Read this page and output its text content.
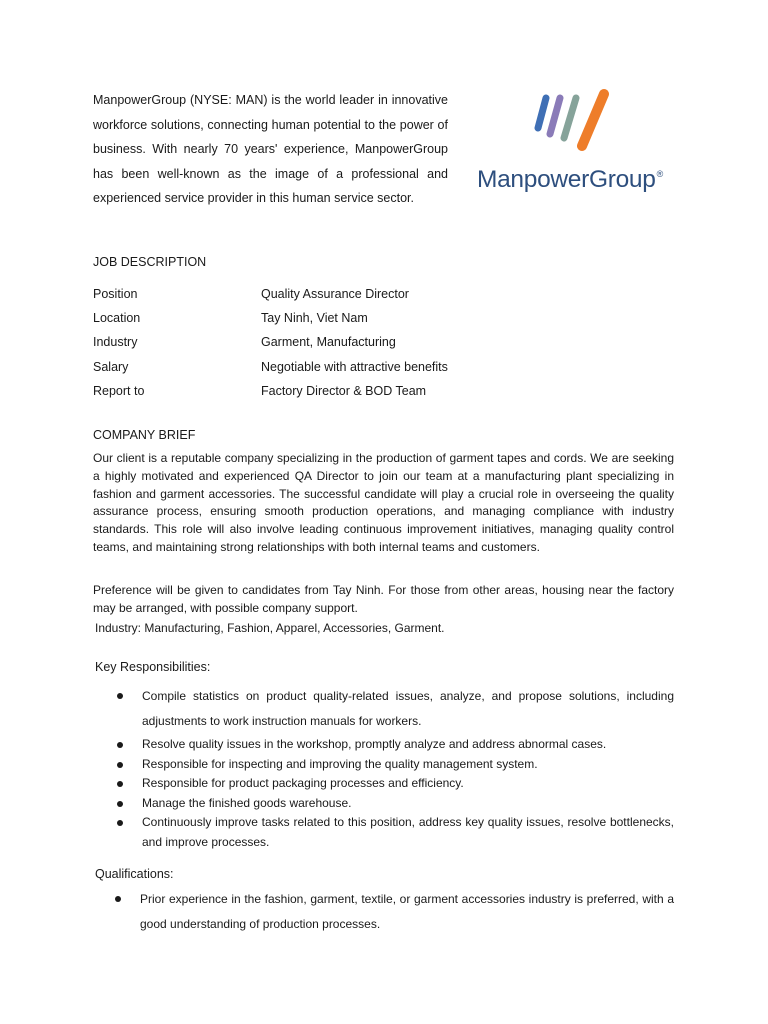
ManpowerGroup (NYSE: MAN) is the world leader in innovative workforce solutions, connecting human potential to the power of business. With nearly 70 years' experience, ManpowerGroup has been well-known as the image of a professional and experienced service provider in this human service sector.
ManpowerGroup®
JOB DESCRIPTION
Position	Quality Assurance Director
Location	Tay Ninh, Viet Nam
Industry	Garment, Manufacturing
Salary	Negotiable with attractive benefits
Report to	Factory Director & BOD Team
COMPANY BRIEF

Our client is a reputable company specializing in the production of garment tapes and cords. We are seeking a highly motivated and experienced QA Director to join our team at a manufacturing plant specializing in fashion and garment accessories. The successful candidate will play a crucial role in overseeing the quality assurance process, ensuring smooth production operations, and managing compliance with industry standards. This role will also involve leading continuous improvement initiatives, managing quality control teams, and maintaining strong relationships with both internal teams and customers.

Preference will be given to candidates from Tay Ninh. For those from other areas, housing near the factory may be arranged, with possible company support.

Industry: Manufacturing, Fashion, Apparel, Accessories, Garment.
Key Responsibilities:
Compile statistics on product quality-related issues, analyze, and propose solutions, including adjustments to work instruction manuals for workers.
Resolve quality issues in the workshop, promptly analyze and address abnormal cases.
Responsible for inspecting and improving the quality management system.
Responsible for product packaging processes and efficiency.
Manage the finished goods warehouse.
Continuously improve tasks related to this position, address key quality issues, resolve bottlenecks, and improve processes.
Qualifications:
Prior experience in the fashion, garment, textile, or garment accessories industry is preferred, with a good understanding of production processes.
